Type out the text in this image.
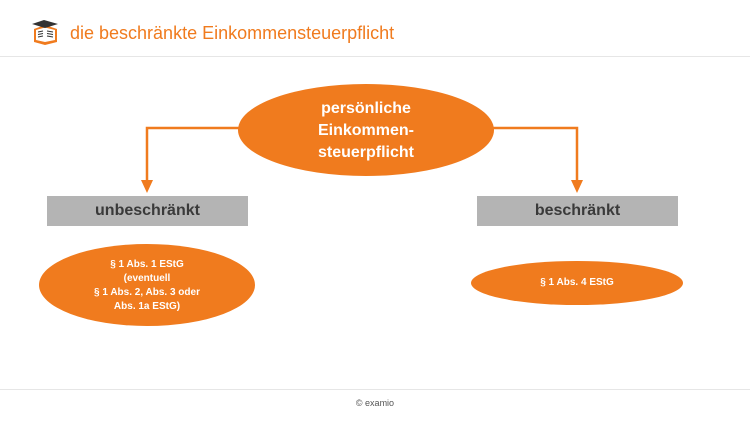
die beschränkte Einkommensteuerpflicht
persönliche
Einkommen-
steuerpflicht
unbeschränkt	beschränkt
§ 1 Abs. 1 EStG
(eventuell
§ 1 Abs. 2, Abs. 3 oder
Abs. 1a EStG)
§ 1 Abs. 4 EStG
© examio
